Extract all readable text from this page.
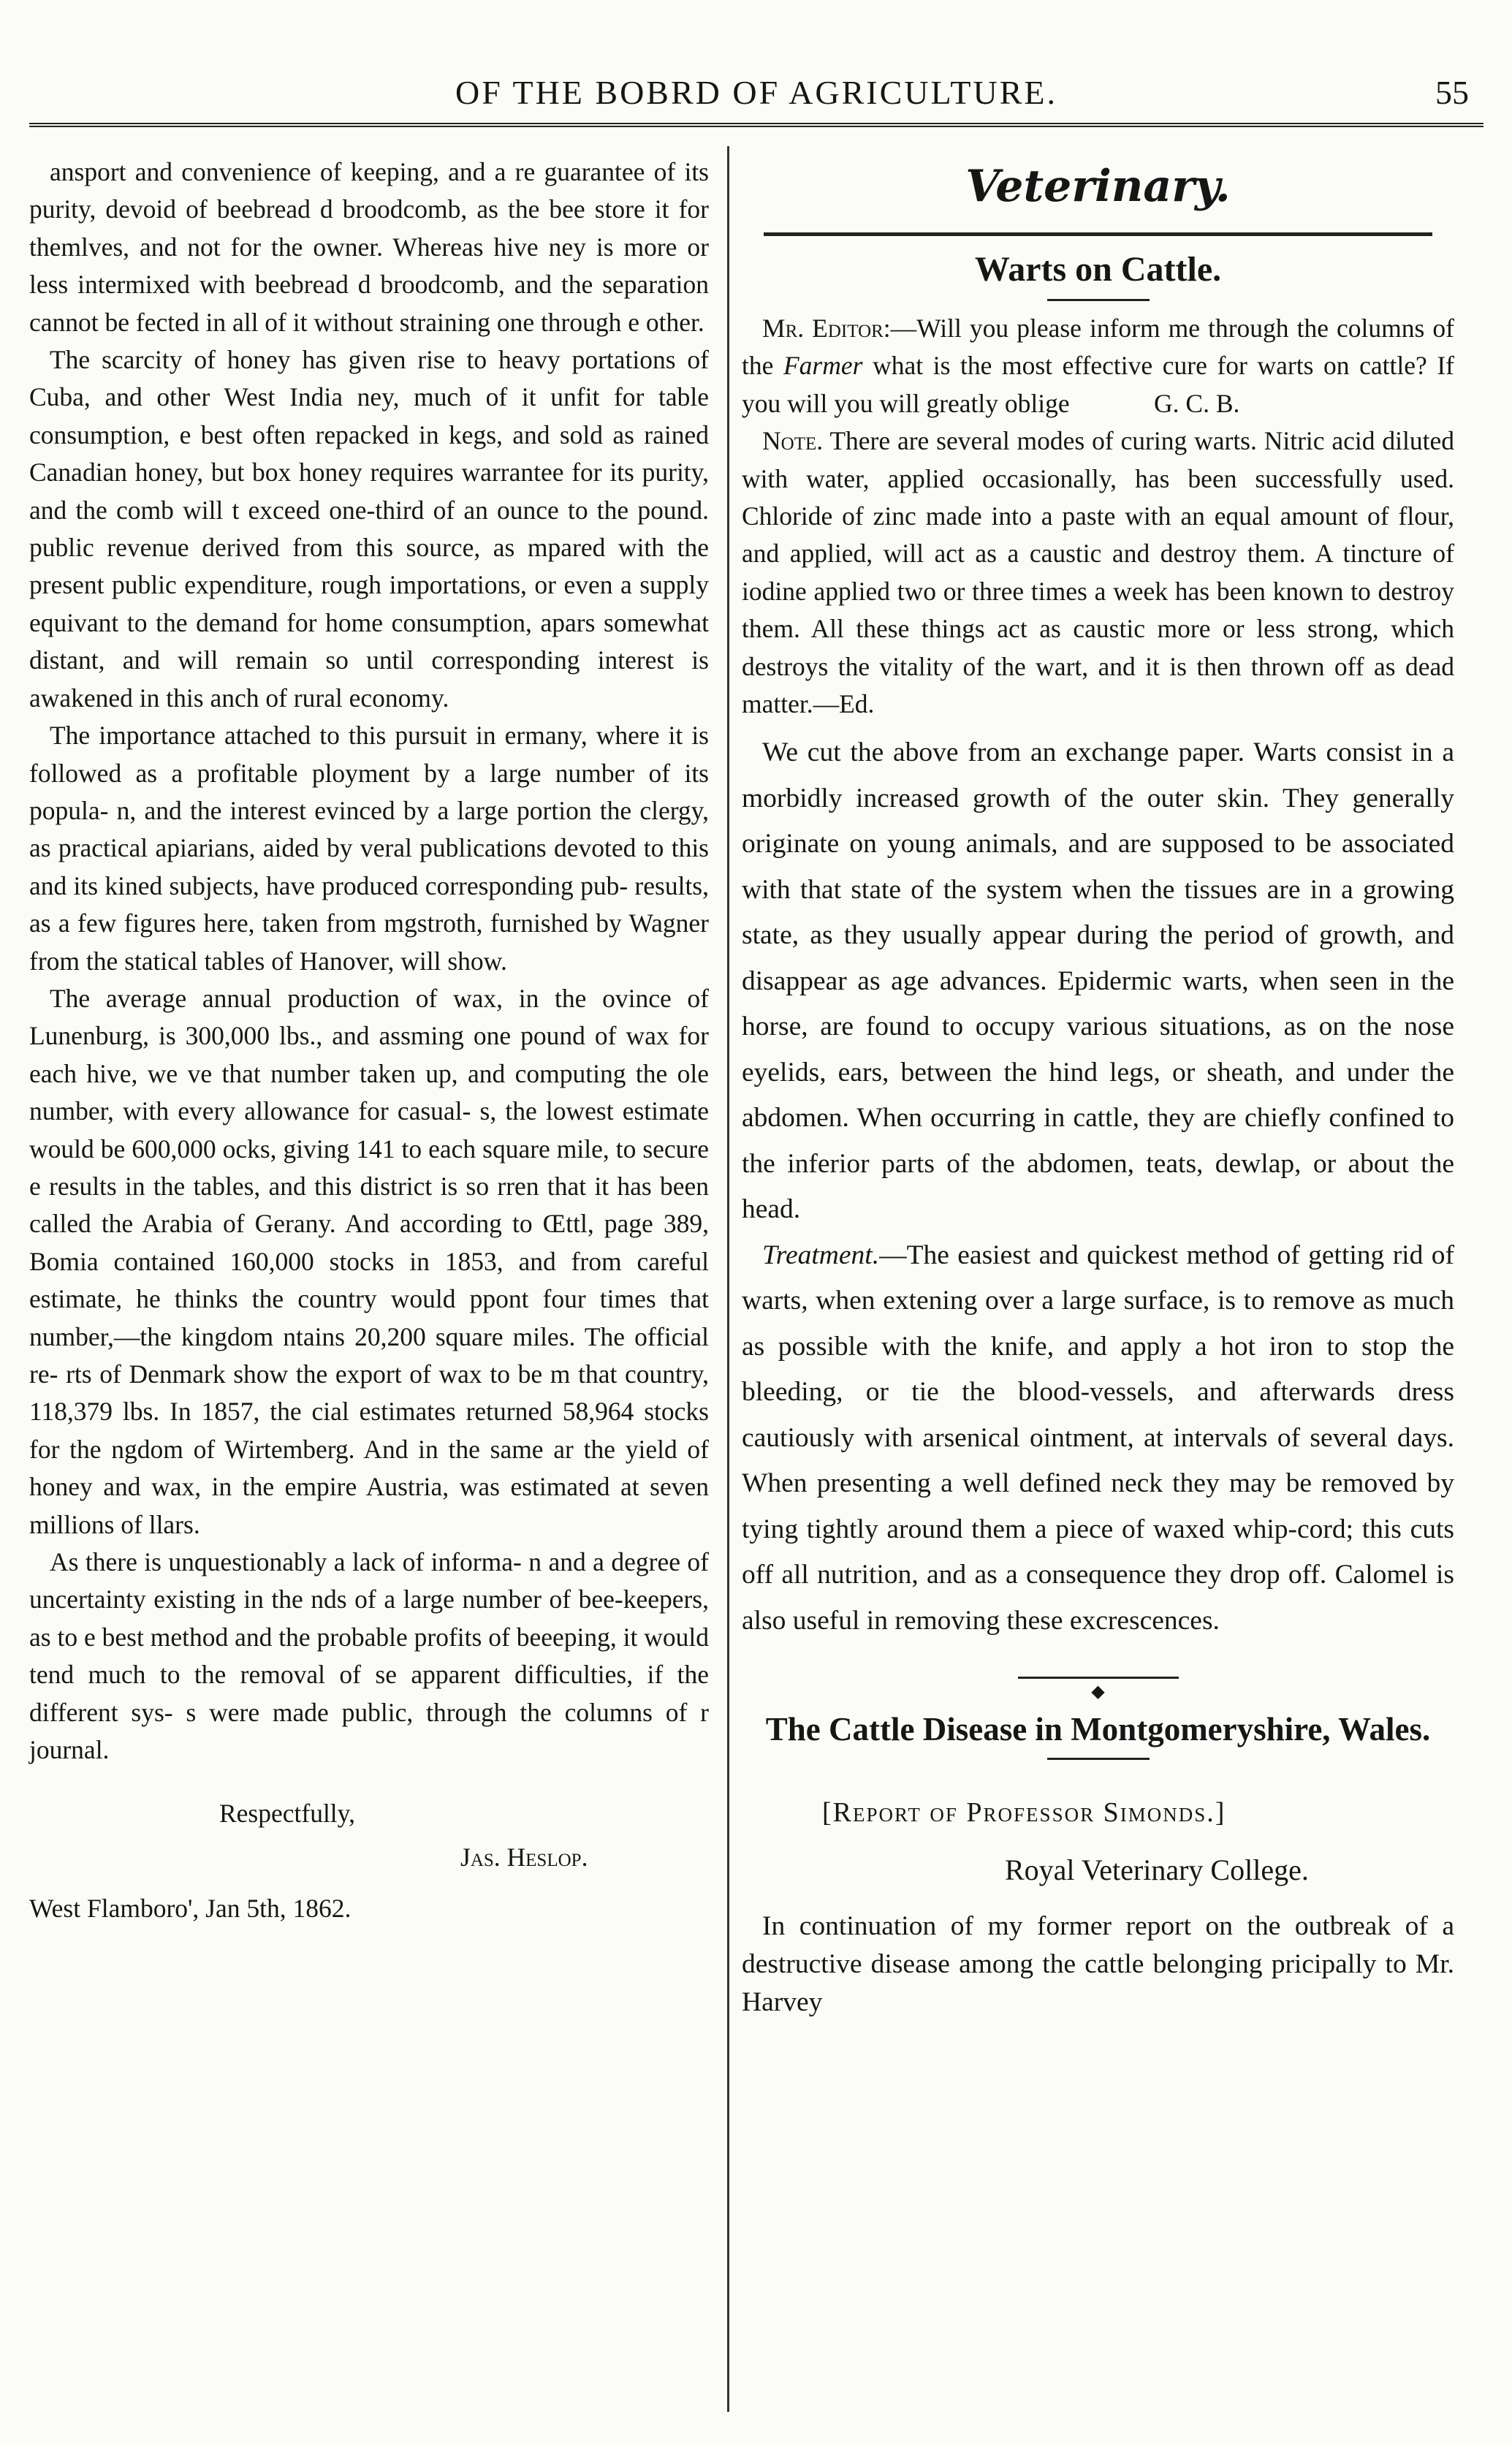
OF THE BOBRD OF AGRICULTURE.	55

ansport and convenience of keeping, and a re guarantee of its purity, devoid of beebread d broodcomb, as the bee store it for themlves, and not for the owner. Whereas hive ney is more or less intermixed with beebread d broodcomb, and the separation cannot be fected in all of it without straining one through e other.

The scarcity of honey has given rise to heavy portations of Cuba, and other West India ney, much of it unfit for table consumption, e best often repacked in kegs, and sold as rained Canadian honey, but box honey requires warrantee for its purity, and the comb will t exceed one-third of an ounce to the pound. public revenue derived from this source, as mpared with the present public expenditure, rough importations, or even a supply equivant to the demand for home consumption, apars somewhat distant, and will remain so until corresponding interest is awakened in this anch of rural economy.

The importance attached to this pursuit in ermany, where it is followed as a profitable ployment by a large number of its popula- n, and the interest evinced by a large portion the clergy, as practical apiarians, aided by veral publications devoted to this and its kined subjects, have produced corresponding pub- results, as a few figures here, taken from mgstroth, furnished by Wagner from the statical tables of Hanover, will show.

The average annual production of wax, in the ovince of Lunenburg, is 300,000 lbs., and assming one pound of wax for each hive, we ve that number taken up, and computing the ole number, with every allowance for casual- s, the lowest estimate would be 600,000 ocks, giving 141 to each square mile, to secure e results in the tables, and this district is so rren that it has been called the Arabia of Gerany. And according to Œttl, page 389, Bomia contained 160,000 stocks in 1853, and from careful estimate, he thinks the country would ppont four times that number,—the kingdom ntains 20,200 square miles. The official re- rts of Denmark show the export of wax to be m that country, 118,379 lbs. In 1857, the cial estimates returned 58,964 stocks for the ngdom of Wirtemberg. And in the same ar the yield of honey and wax, in the empire Austria, was estimated at seven millions of llars.

As there is unquestionably a lack of informa- n and a degree of uncertainty existing in the nds of a large number of bee-keepers, as to e best method and the probable profits of beeeping, it would tend much to the removal of se apparent difficulties, if the different sys- s were made public, through the columns of r journal.

Respectfully,
Jas. Heslop.
West Flamboro', Jan 5th, 1862.
Veterinary.
Warts on Cattle.

Mr. Editor:—Will you please inform me through the columns of the Farmer what is the most effective cure for warts on cattle? If you will you will greatly oblige	G. C. B.

Note. There are several modes of curing warts. Nitric acid diluted with water, applied occasionally, has been successfully used. Chloride of zinc made into a paste with an equal amount of flour, and applied, will act as a caustic and destroy them. A tincture of iodine applied two or three times a week has been known to destroy them. All these things act as caustic more or less strong, which destroys the vitality of the wart, and it is then thrown off as dead matter.—Ed.

We cut the above from an exchange paper. Warts consist in a morbidly increased growth of the outer skin. They generally originate on young animals, and are supposed to be associated with that state of the system when the tissues are in a growing state, as they usually appear during the period of growth, and disappear as age advances. Epidermic warts, when seen in the horse, are found to occupy various situations, as on the nose eyelids, ears, between the hind legs, or sheath, and under the abdomen. When occurring in cattle, they are chiefly confined to the inferior parts of the abdomen, teats, dewlap, or about the head.

Treatment.—The easiest and quickest method of getting rid of warts, when extening over a large surface, is to remove as much as possible with the knife, and apply a hot iron to stop the bleeding, or tie the blood-vessels, and afterwards dress cautiously with arsenical ointment, at intervals of several days. When presenting a well defined neck they may be removed by tying tightly around them a piece of waxed whip-cord; this cuts off all nutrition, and as a consequence they drop off. Calomel is also useful in removing these excrescences.

◆
The Cattle Disease in Montgomeryshire, Wales.
[Report of Professor Simonds.]
Royal Veterinary College.

In continuation of my former report on the outbreak of a destructive disease among the cattle belonging pricipally to Mr. Harvey
